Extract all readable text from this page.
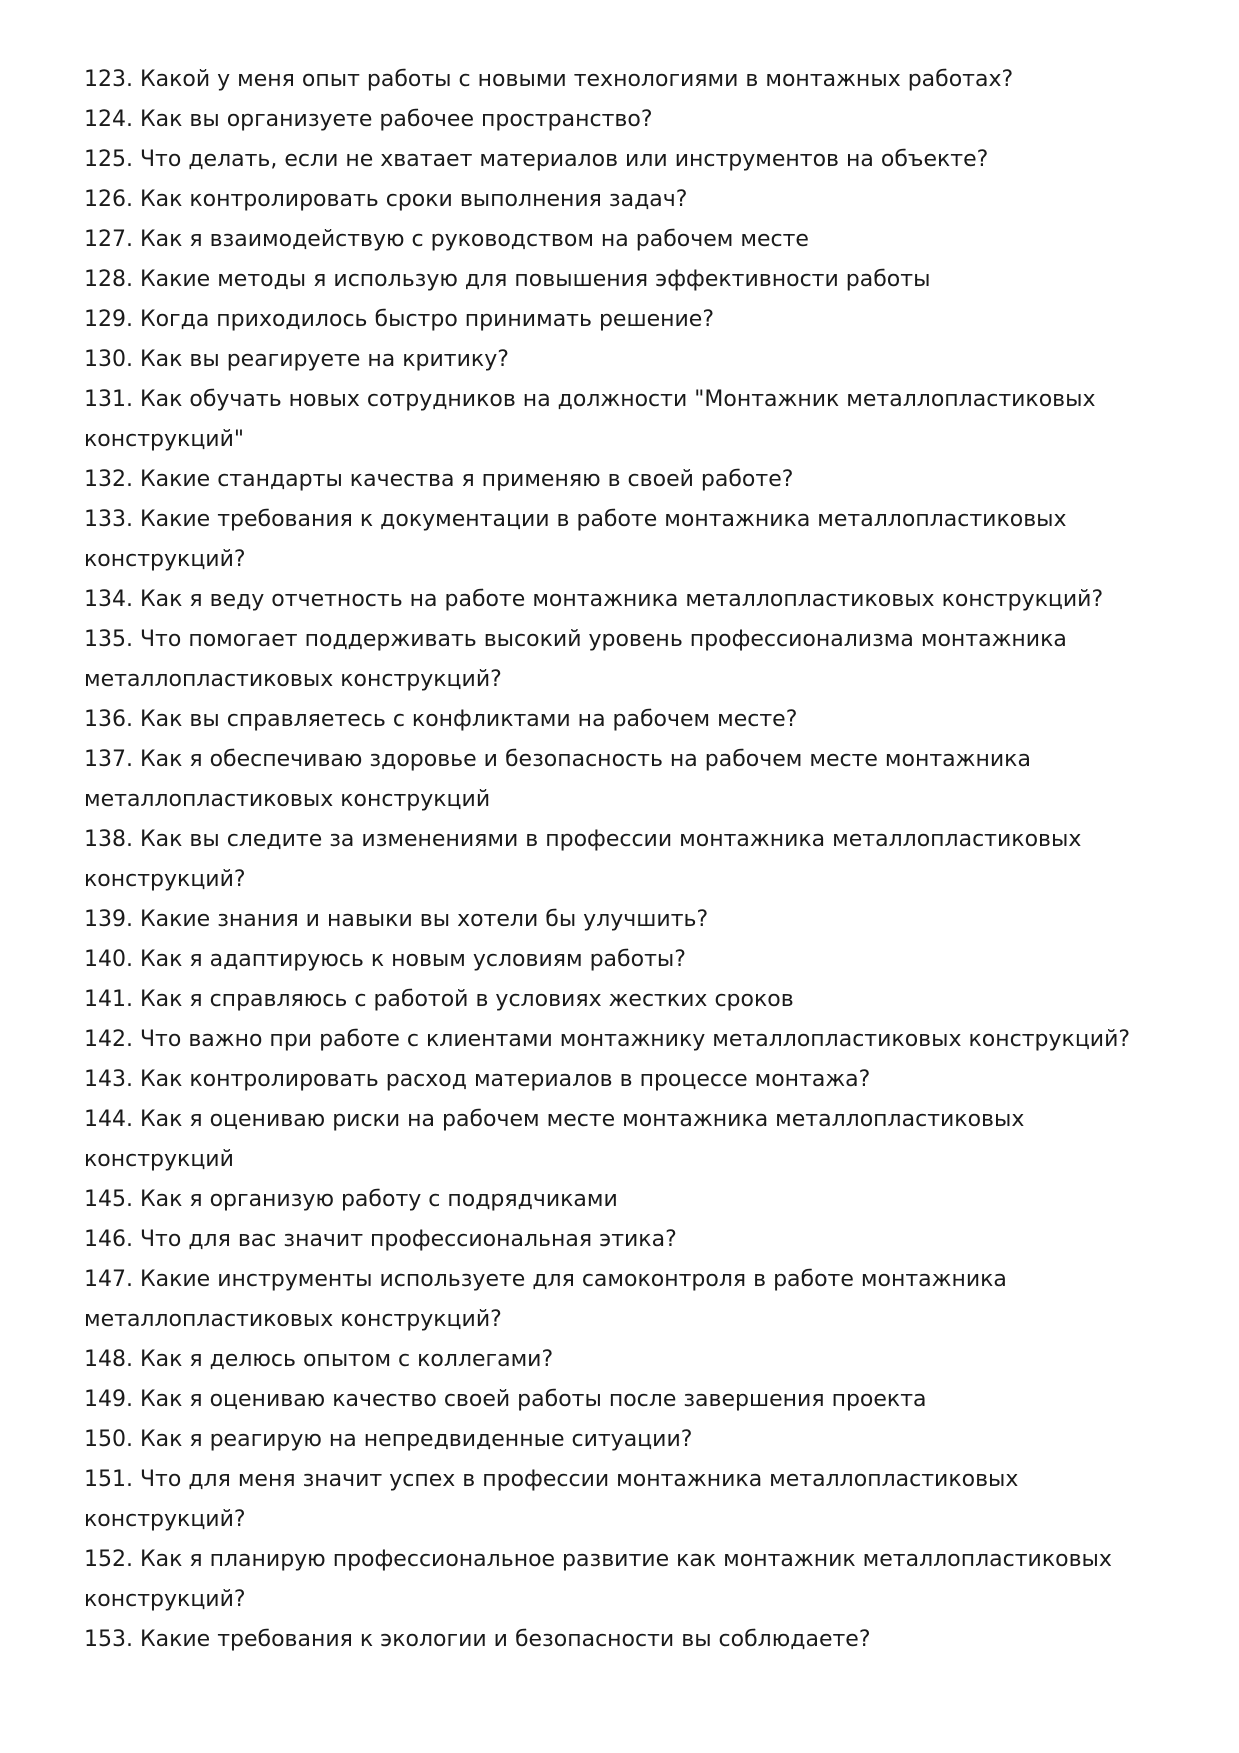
123. Какой у меня опыт работы с новыми технологиями в монтажных работах?
124. Как вы организуете рабочее пространство?
125. Что делать, если не хватает материалов или инструментов на объекте?
126. Как контролировать сроки выполнения задач?
127. Как я взаимодействую с руководством на рабочем месте
128. Какие методы я использую для повышения эффективности работы
129. Когда приходилось быстро принимать решение?
130. Как вы реагируете на критику?
131. Как обучать новых сотрудников на должности "Монтажник металлопластиковых конструкций"
132. Какие стандарты качества я применяю в своей работе?
133. Какие требования к документации в работе монтажника металлопластиковых конструкций?
134. Как я веду отчетность на работе монтажника металлопластиковых конструкций?
135. Что помогает поддерживать высокий уровень профессионализма монтажника металлопластиковых конструкций?
136. Как вы справляетесь с конфликтами на рабочем месте?
137. Как я обеспечиваю здоровье и безопасность на рабочем месте монтажника металлопластиковых конструкций
138. Как вы следите за изменениями в профессии монтажника металлопластиковых конструкций?
139. Какие знания и навыки вы хотели бы улучшить?
140. Как я адаптируюсь к новым условиям работы?
141. Как я справляюсь с работой в условиях жестких сроков
142. Что важно при работе с клиентами монтажнику металлопластиковых конструкций?
143. Как контролировать расход материалов в процессе монтажа?
144. Как я оцениваю риски на рабочем месте монтажника металлопластиковых конструкций
145. Как я организую работу с подрядчиками
146. Что для вас значит профессиональная этика?
147. Какие инструменты используете для самоконтроля в работе монтажника металлопластиковых конструкций?
148. Как я делюсь опытом с коллегами?
149. Как я оцениваю качество своей работы после завершения проекта
150. Как я реагирую на непредвиденные ситуации?
151. Что для меня значит успех в профессии монтажника металлопластиковых конструкций?
152. Как я планирую профессиональное развитие как монтажник металлопластиковых конструкций?
153. Какие требования к экологии и безопасности вы соблюдаете?
